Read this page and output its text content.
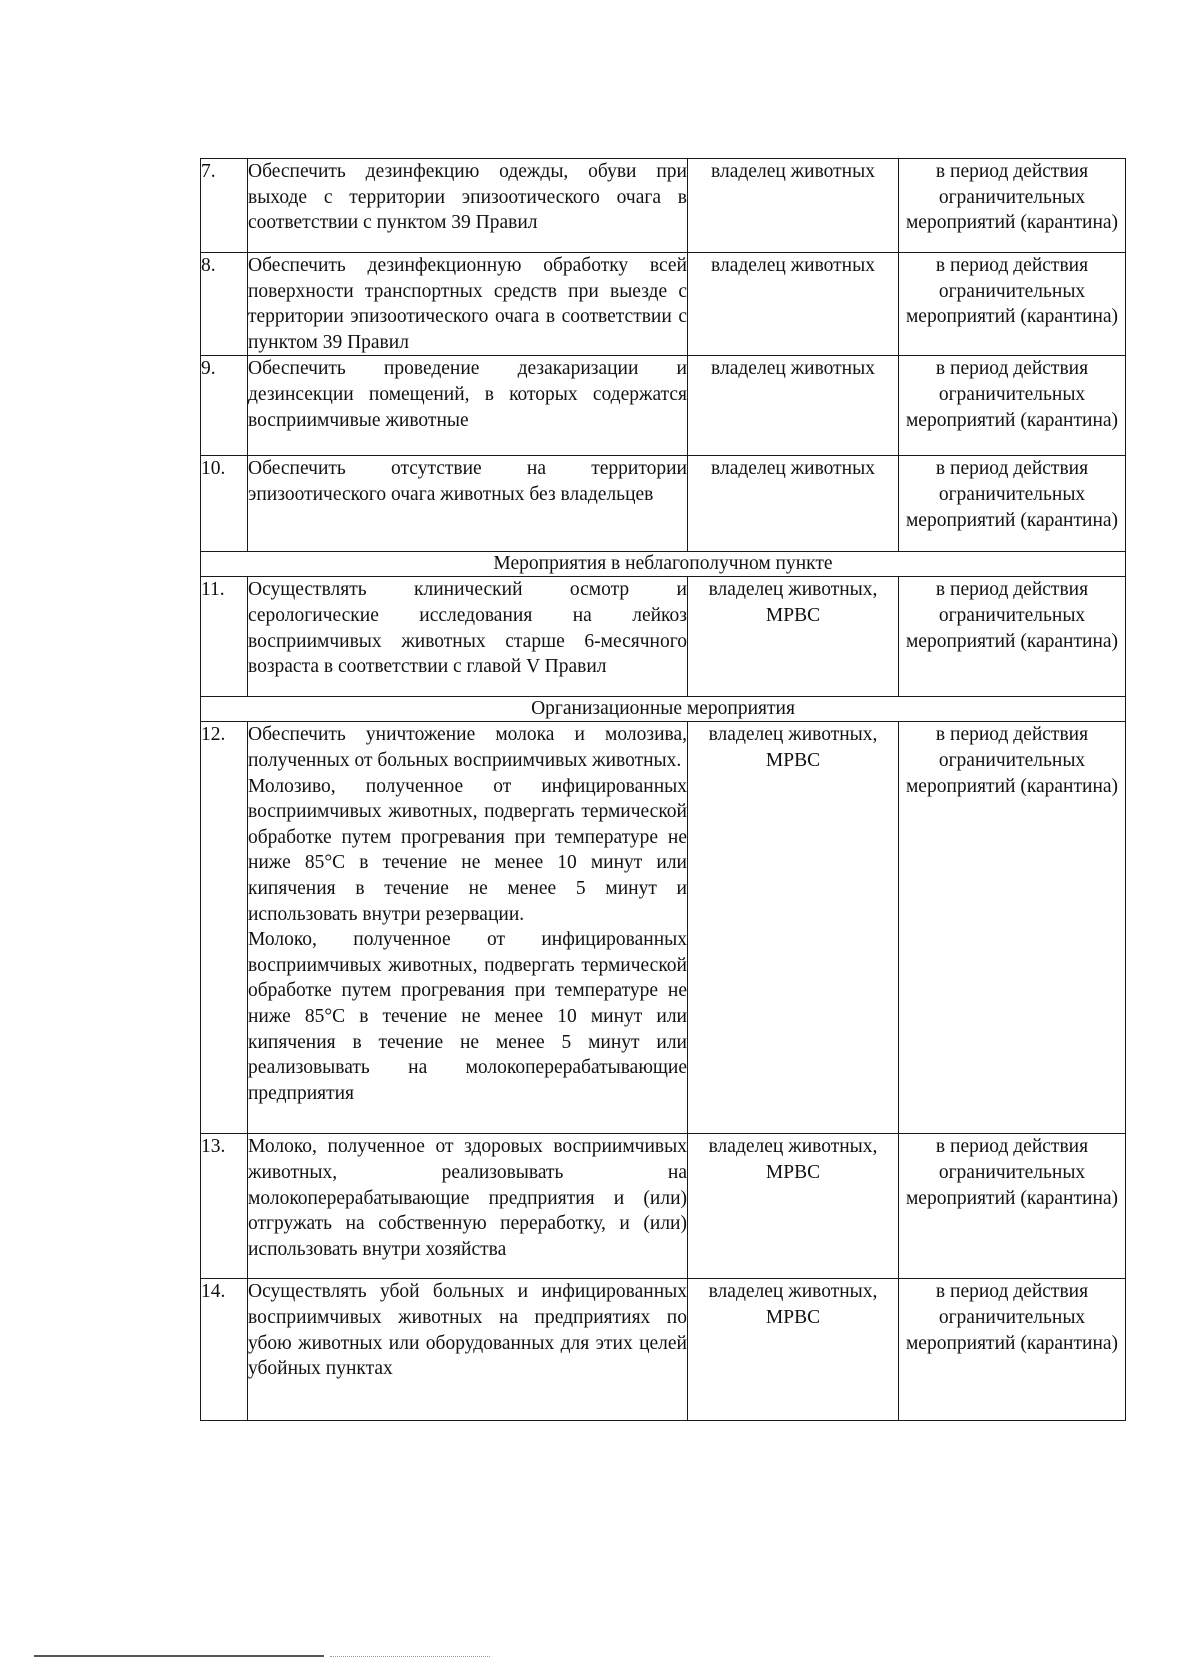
7.	Обеспечить дезинфекцию одежды, обуви при выходе с территории эпизоотического очага в соответствии с пунктом 39 Правил	владелец животных	в период действия ограничительных мероприятий (карантина)
8.	Обеспечить дезинфекционную обработку всей поверхности транспортных средств при выезде с территории эпизоотического очага в соответствии с пунктом 39 Правил	владелец животных	в период действия ограничительных мероприятий (карантина)
9.	Обеспечить проведение дезакаризации и дезинсекции помещений, в которых содержатся восприимчивые животные	владелец животных	в период действия ограничительных мероприятий (карантина)
10.	Обеспечить отсутствие на территории эпизоотического очага животных без владельцев	владелец животных	в период действия ограничительных мероприятий (карантина)
Мероприятия в неблагополучном пункте			
11.	Осуществлять клинический осмотр и серологические исследования на лейкоз восприимчивых животных старше 6-месячного возраста в соответствии с главой V Правил	владелец животных, МРВС	в период действия ограничительных мероприятий (карантина)
Организационные мероприятия			
12.	Обеспечить уничтожение молока и молозива, полученных от больных восприимчивых животных.

Молозиво, полученное от инфицированных восприимчивых животных, подвергать термической обработке путем прогревания при температуре не ниже 85°С в течение не менее 10 минут или кипячения в течение не менее 5 минут и использовать внутри резервации.

Молоко, полученное от инфицированных восприимчивых животных, подвергать термической обработке путем прогревания при температуре не ниже 85°С в течение не менее 10 минут или кипячения в течение не менее 5 минут или реализовывать на молокоперерабатывающие предприятия	владелец животных, МРВС	в период действия ограничительных мероприятий (карантина)
13.	Молоко, полученное от здоровых восприимчивых животных, реализовывать на молокоперерабатывающие предприятия и (или) отгружать на собственную переработку, и (или) использовать внутри хозяйства	владелец животных, МРВС	в период действия ограничительных мероприятий (карантина)
14.	Осуществлять убой больных и инфицированных восприимчивых животных на предприятиях по убою животных или оборудованных для этих целей убойных пунктах	владелец животных, МРВС	в период действия ограничительных мероприятий (карантина)
